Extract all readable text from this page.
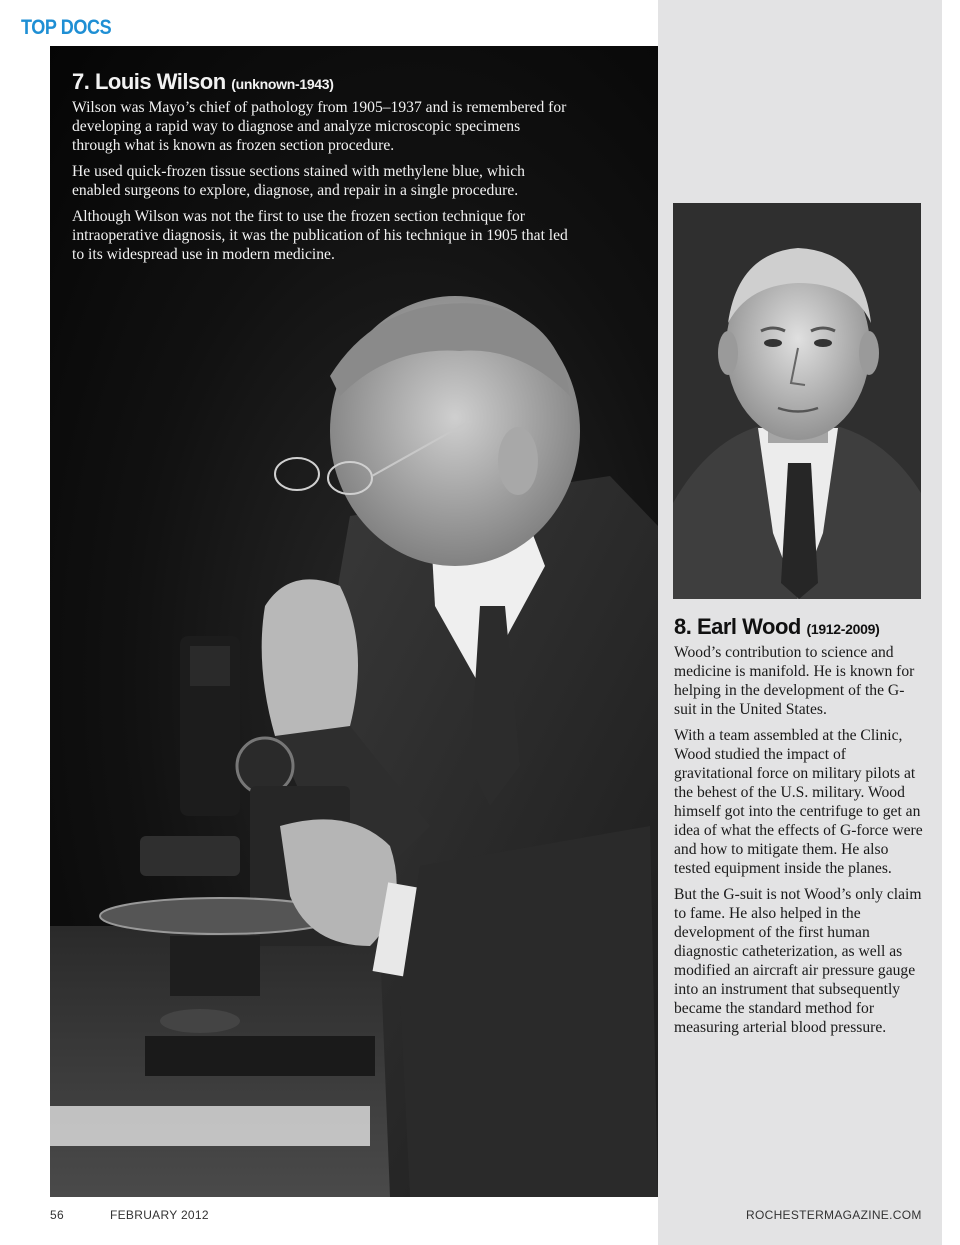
TOP DOCS
7. Louis Wilson (unknown-1943)

Wilson was Mayo’s chief of pathology from 1905–1937 and is remembered for developing a rapid way to diagnose and analyze microscopic specimens through what is known as frozen section procedure.

He used quick-frozen tissue sections stained with methylene blue, which enabled surgeons to explore, diagnose, and repair in a single procedure.

Although Wilson was not the first to use the frozen section technique for intraoperative diagnosis, it was the publication of his technique in 1905 that led to its widespread use in modern medicine.

8. Earl Wood (1912-2009)

Wood’s contribution to science and medicine is manifold. He is known for helping in the development of the G-suit in the United States.

With a team assembled at the Clinic, Wood studied the impact of gravitational force on military pilots at the behest of the U.S. military. Wood himself got into the centrifuge to get an idea of what the effects of G-force were and how to mitigate them. He also tested equipment inside the planes.

But the G-suit is not Wood’s only claim to fame. He also helped in the development of the first human diagnostic catheterization, as well as modified an aircraft air pressure gauge into an instrument that subsequently became the standard method for measuring arterial blood pressure.

56	FEBRUARY 2012	ROCHESTERMAGAZINE.COM
